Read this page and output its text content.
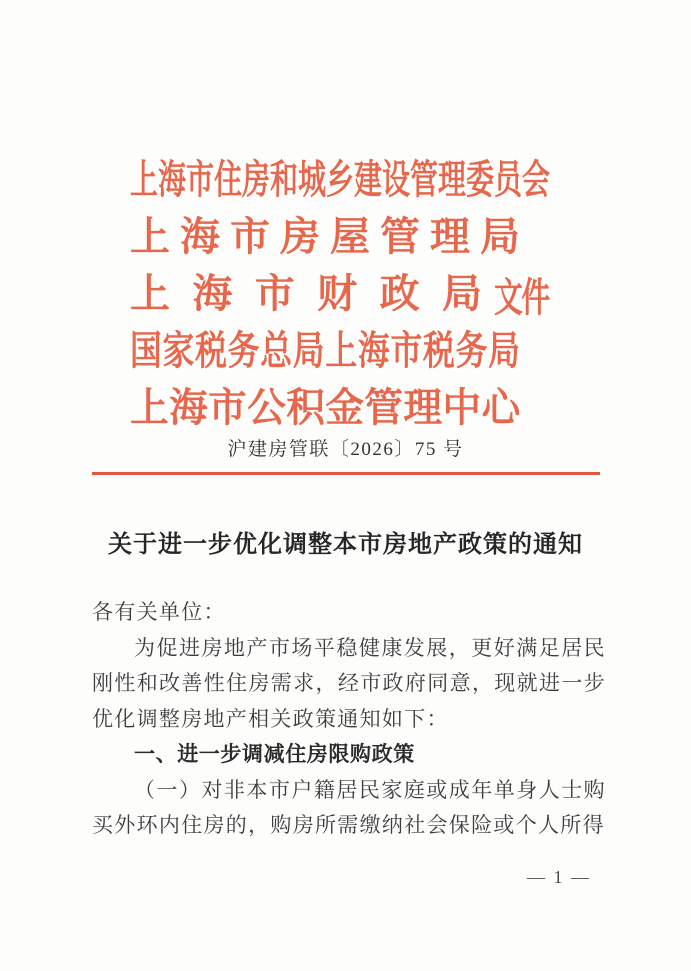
上 海 市 住 房 和 城 乡 建 设 管 理 委 员 会
上 海 市 房 屋 管 理 局
上 海 市 财 政 局 文件
国 家 税 务 总 局 上 海 市 税 务 局
上 海 市 公 积 金 管 理 中 心
沪建房管联〔2026〕75 号
关于进一步优化调整本市房地产政策的通知

各有关单位：

为促进房地产市场平稳健康发展，更好满足居民刚性和改善性住房需求，经市政府同意，现就进一步优化调整房地产相关政策通知如下：

一、进一步调减住房限购政策

（一）对非本市户籍居民家庭或成年单身人士购买外环内住房的，购房所需缴纳社会保险或个人所得

— 1 —
